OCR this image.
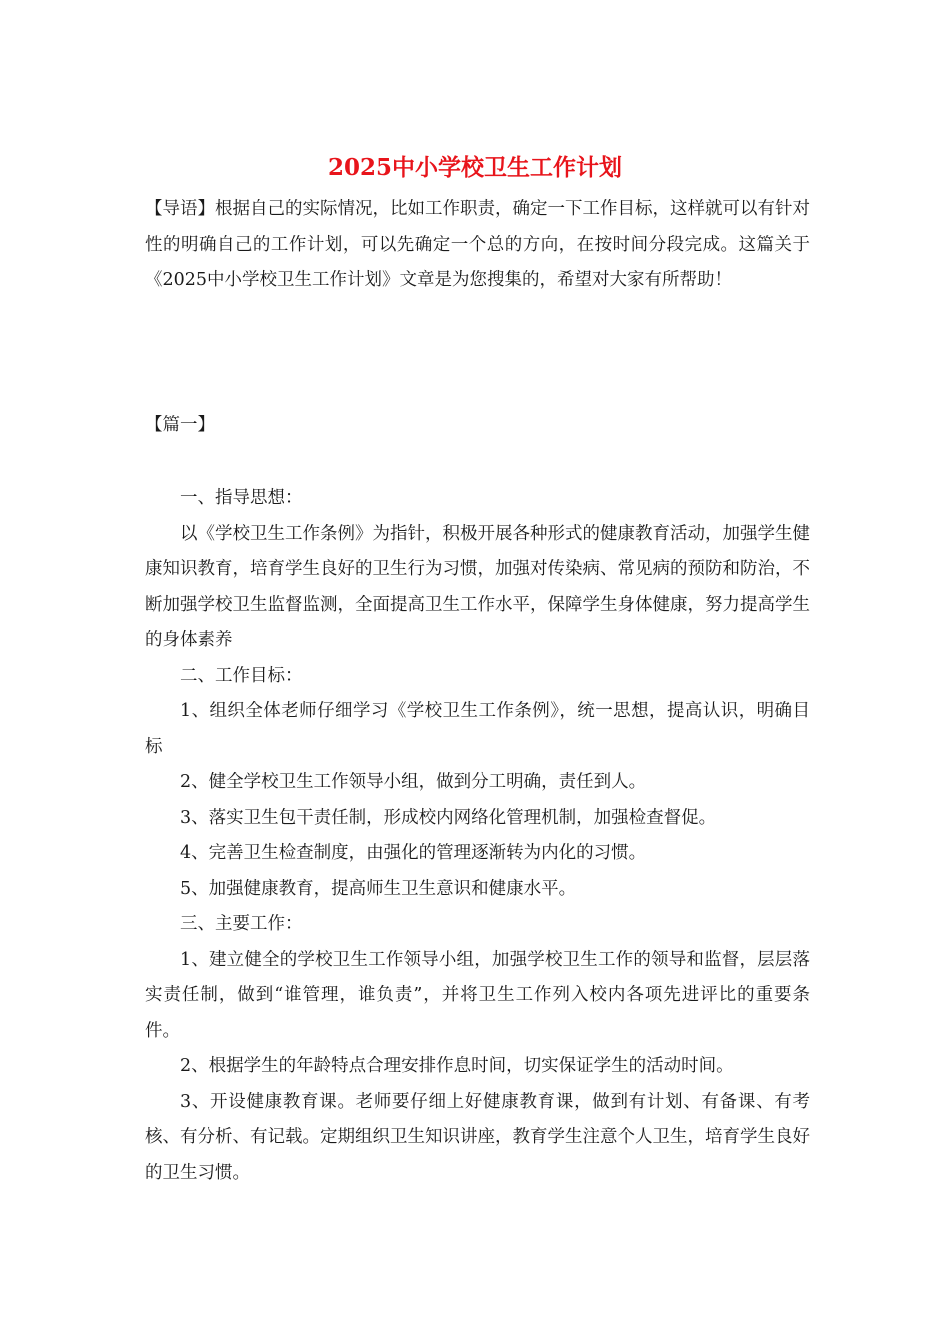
2025中小学校卫生工作计划

【导语】根据自己的实际情况，比如工作职责，确定一下工作目标，这样就可以有针对性的明确自己的工作计划，可以先确定一个总的方向，在按时间分段完成。这篇关于《2025中小学校卫生工作计划》文章是为您搜集的，希望对大家有所帮助！

【篇一】

一、指导思想：

以《学校卫生工作条例》为指针，积极开展各种形式的健康教育活动，加强学生健康知识教育，培育学生良好的卫生行为习惯，加强对传染病、常见病的预防和防治，不断加强学校卫生监督监测，全面提高卫生工作水平，保障学生身体健康，努力提高学生的身体素养

二、工作目标：

1、组织全体老师仔细学习《学校卫生工作条例》，统一思想，提高认识，明确目标

2、健全学校卫生工作领导小组，做到分工明确，责任到人。

3、落实卫生包干责任制，形成校内网络化管理机制，加强检查督促。

4、完善卫生检查制度，由强化的管理逐渐转为内化的习惯。

5、加强健康教育，提高师生卫生意识和健康水平。

三、主要工作：

1、建立健全的学校卫生工作领导小组，加强学校卫生工作的领导和监督，层层落实责任制，做到“谁管理，谁负责”，并将卫生工作列入校内各项先进评比的重要条件。

2、根据学生的年龄特点合理安排作息时间，切实保证学生的活动时间。

3、开设健康教育课。老师要仔细上好健康教育课，做到有计划、有备课、有考核、有分析、有记载。定期组织卫生知识讲座，教育学生注意个人卫生，培育学生良好的卫生习惯。
